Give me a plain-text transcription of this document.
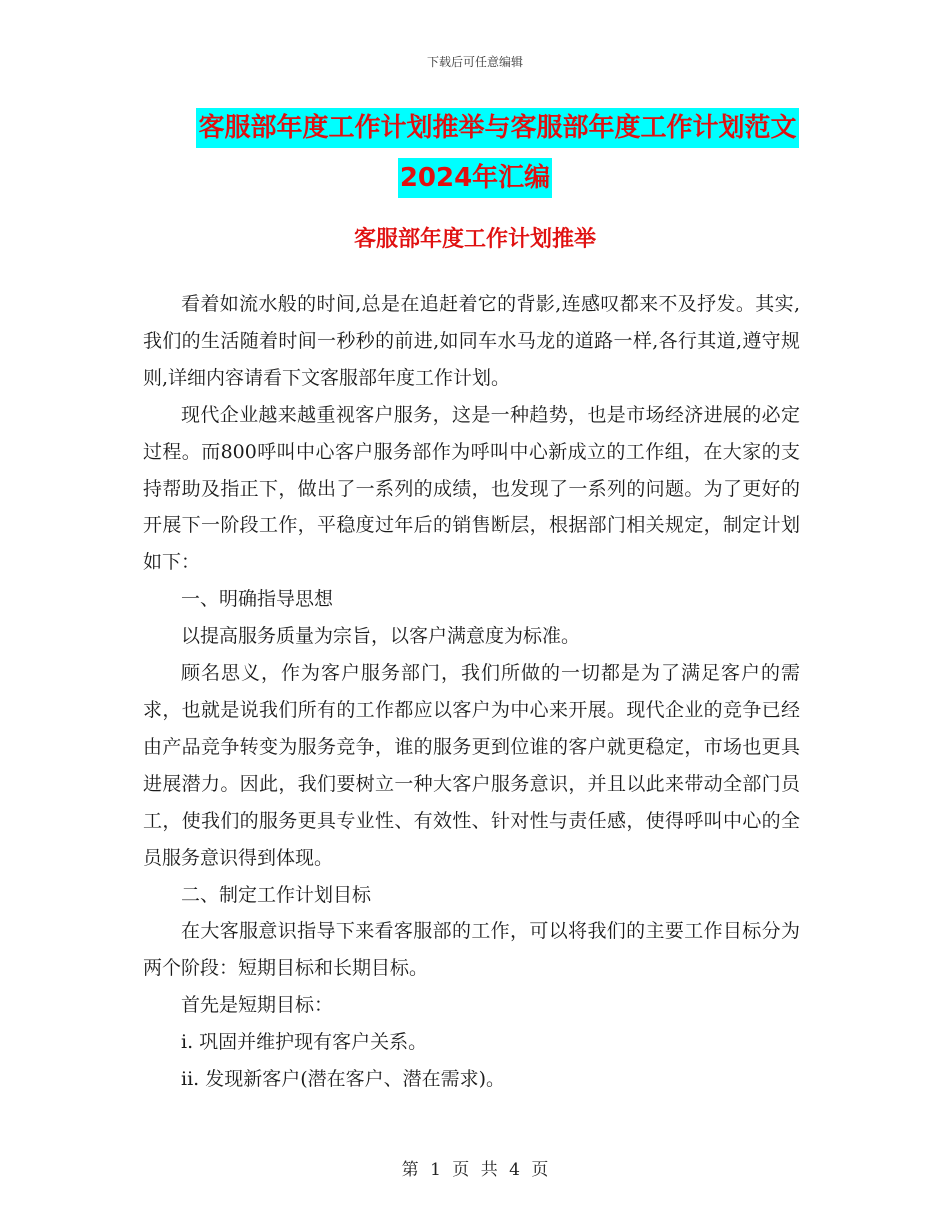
下载后可任意编辑
客服部年度工作计划推举与客服部年度工作计划范文
2024年汇编
客服部年度工作计划推举

看着如流水般的时间,总是在追赶着它的背影,连感叹都来不及抒发。其实,我们的生活随着时间一秒秒的前进,如同车水马龙的道路一样,各行其道,遵守规则,详细内容请看下文客服部年度工作计划。

现代企业越来越重视客户服务，这是一种趋势，也是市场经济进展的必定过程。而800呼叫中心客户服务部作为呼叫中心新成立的工作组，在大家的支持帮助及指正下，做出了一系列的成绩，也发现了一系列的问题。为了更好的开展下一阶段工作，平稳度过年后的销售断层，根据部门相关规定，制定计划如下：

一、明确指导思想

以提高服务质量为宗旨，以客户满意度为标准。

顾名思义，作为客户服务部门，我们所做的一切都是为了满足客户的需求，也就是说我们所有的工作都应以客户为中心来开展。现代企业的竞争已经由产品竞争转变为服务竞争，谁的服务更到位谁的客户就更稳定，市场也更具进展潜力。因此，我们要树立一种大客户服务意识，并且以此来带动全部门员工，使我们的服务更具专业性、有效性、针对性与责任感，使得呼叫中心的全员服务意识得到体现。

二、制定工作计划目标

在大客服意识指导下来看客服部的工作，可以将我们的主要工作目标分为两个阶段：短期目标和长期目标。

首先是短期目标：

i. 巩固并维护现有客户关系。

ii. 发现新客户(潜在客户、潜在需求)。

第 1 页 共 4 页
